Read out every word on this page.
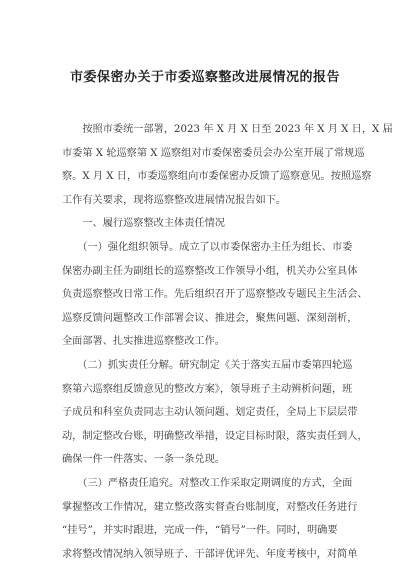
市委保密办关于市委巡察整改进展情况的报告
　　按照市委统一部署，2023 年 X 月 X 日至 2023 年 X 月 X 日，X 届
市委第 X 轮巡察第 X 巡察组对市委保密委员会办公室开展了常规巡
察。X 月 X 日，市委巡察组向市委保密办反馈了巡察意见。按照巡察
工作有关要求，现将巡察整改进展情况报告如下。
　　一、履行巡察整改主体责任情况
　　（一）强化组织领导。成立了以市委保密办主任为组长、市委
保密办副主任为副组长的巡察整改工作领导小组，机关办公室具体
负责巡察整改日常工作。先后组织召开了巡察整改专题民主生活会、
巡察反馈问题整改工作部署会议、推进会，聚焦问题、深刻剖析，
全面部署、扎实推进巡察整改工作。
　　（二）抓实责任分解。研究制定《关于落实五届市委第四轮巡
察第六巡察组反馈意见的整改方案》，领导班子主动辨析问题，班
子成员和科室负责同志主动认领问题、划定责任，全局上下层层带
动，制定整改台账，明确整改举措，设定目标时限，落实责任到人，
确保一件一件落实、一条一条兑现。
　　（三）严格责任追究。对整改工作采取定期调度的方式，全面
掌握整改工作情况，建立整改落实督查台账制度，对整改任务进行
“挂号”，并实时跟进，完成一件，“销号”一件。同时，明确要
求将整改情况纳入领导班子、干部评优评先、年度考核中，对简单
